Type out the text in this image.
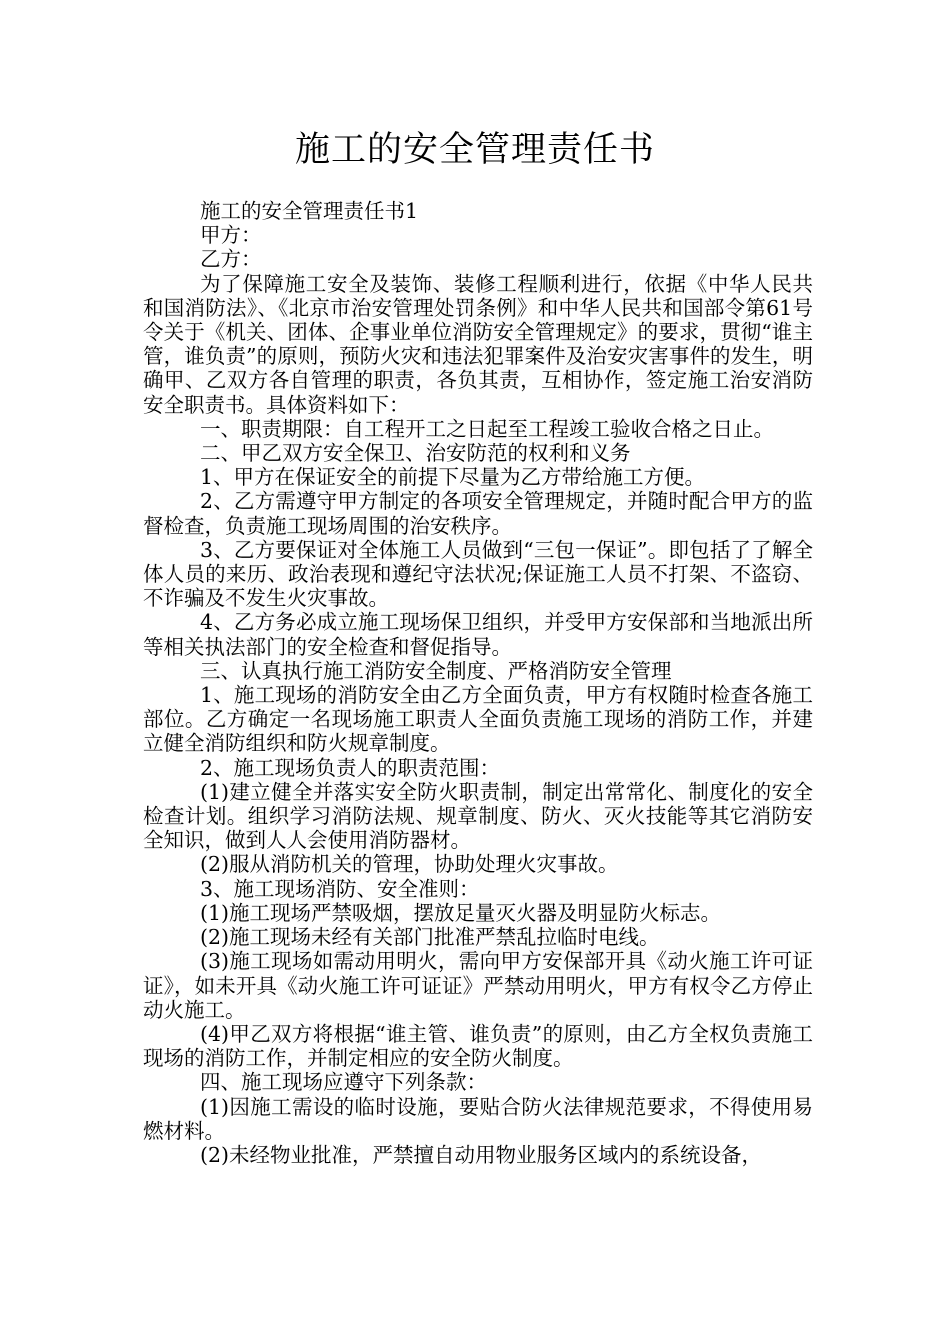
施工的安全管理责任书

施工的安全管理责任书1

甲方：

乙方：

为了保障施工安全及装饰、装修工程顺利进行，依据《中华人民共和国消防法》、《北京市治安管理处罚条例》和中华人民共和国部令第61号令关于《机关、团体、企事业单位消防安全管理规定》的要求，贯彻“谁主管，谁负责”的原则，预防火灾和违法犯罪案件及治安灾害事件的发生，明确甲、乙双方各自管理的职责，各负其责，互相协作，签定施工治安消防安全职责书。具体资料如下：

一、职责期限：自工程开工之日起至工程竣工验收合格之日止。

二、甲乙双方安全保卫、治安防范的权利和义务

1、甲方在保证安全的前提下尽量为乙方带给施工方便。

2、乙方需遵守甲方制定的各项安全管理规定，并随时配合甲方的监督检查，负责施工现场周围的治安秩序。

3、乙方要保证对全体施工人员做到“三包一保证”。即包括了了解全体人员的来历、政治表现和遵纪守法状况;保证施工人员不打架、不盗窃、不诈骗及不发生火灾事故。

4、乙方务必成立施工现场保卫组织，并受甲方安保部和当地派出所等相关执法部门的安全检查和督促指导。

三、认真执行施工消防安全制度、严格消防安全管理

1、施工现场的消防安全由乙方全面负责，甲方有权随时检查各施工部位。乙方确定一名现场施工职责人全面负责施工现场的消防工作，并建立健全消防组织和防火规章制度。

2、施工现场负责人的职责范围：

(1)建立健全并落实安全防火职责制，制定出常常化、制度化的安全检查计划。组织学习消防法规、规章制度、防火、灭火技能等其它消防安全知识，做到人人会使用消防器材。

(2)服从消防机关的管理，协助处理火灾事故。

3、施工现场消防、安全准则：

(1)施工现场严禁吸烟，摆放足量灭火器及明显防火标志。

(2)施工现场未经有关部门批准严禁乱拉临时电线。

(3)施工现场如需动用明火，需向甲方安保部开具《动火施工许可证证》，如未开具《动火施工许可证证》严禁动用明火，甲方有权令乙方停止动火施工。

(4)甲乙双方将根据“谁主管、谁负责”的原则，由乙方全权负责施工现场的消防工作，并制定相应的安全防火制度。

四、施工现场应遵守下列条款：

(1)因施工需设的临时设施，要贴合防火法律规范要求，不得使用易燃材料。

(2)未经物业批准，严禁擅自动用物业服务区域内的系统设备，
